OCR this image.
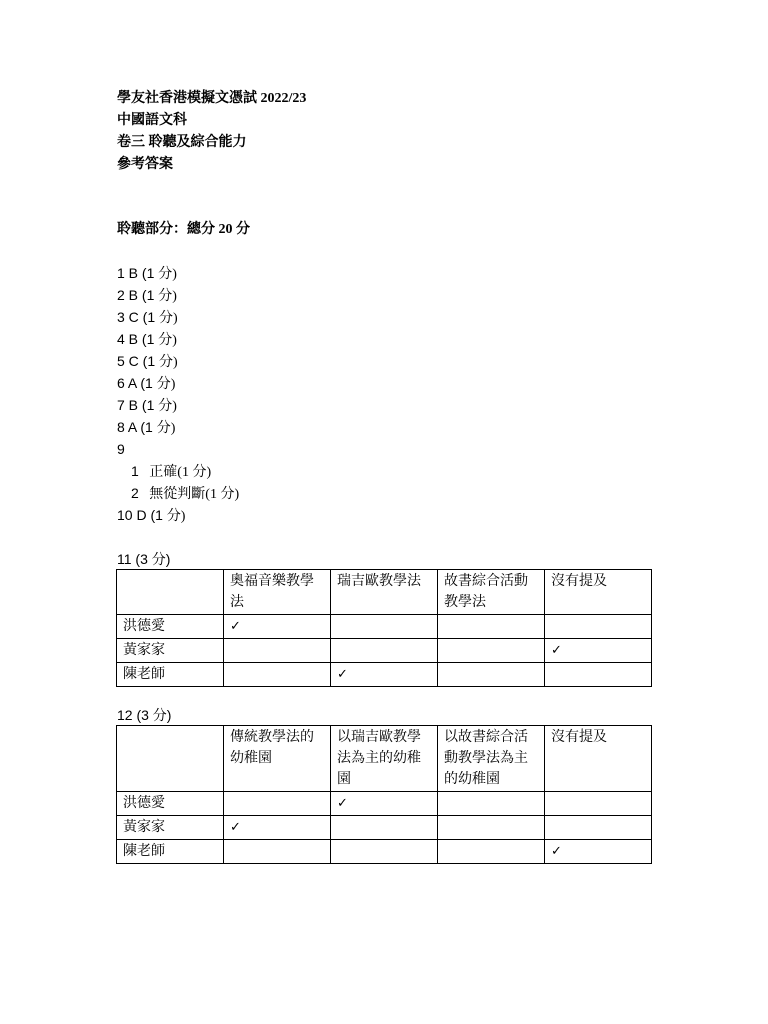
學友社香港模擬文憑試 2022/23
中國語文科
卷三 聆聽及綜合能力
參考答案
聆聽部分：總分 20 分
1 B (1 分)
2 B (1 分)
3 C (1 分)
4 B (1 分)
5 C (1 分)
6 A (1 分)
7 B (1 分)
8 A (1 分)
9
1 正確(1 分)
2 無從判斷(1 分)
10 D (1 分)
11 (3 分)
	奧福音樂教學法	瑞吉歐教學法	故書綜合活動教學法	沒有提及
洪德愛	✓			
黃家家				✓
陳老師		✓		
12 (3 分)
	傳統教學法的幼稚園	以瑞吉歐教學法為主的幼稚園	以故書綜合活動教學法為主的幼稚園	沒有提及
洪德愛		✓		
黃家家	✓			
陳老師				✓
